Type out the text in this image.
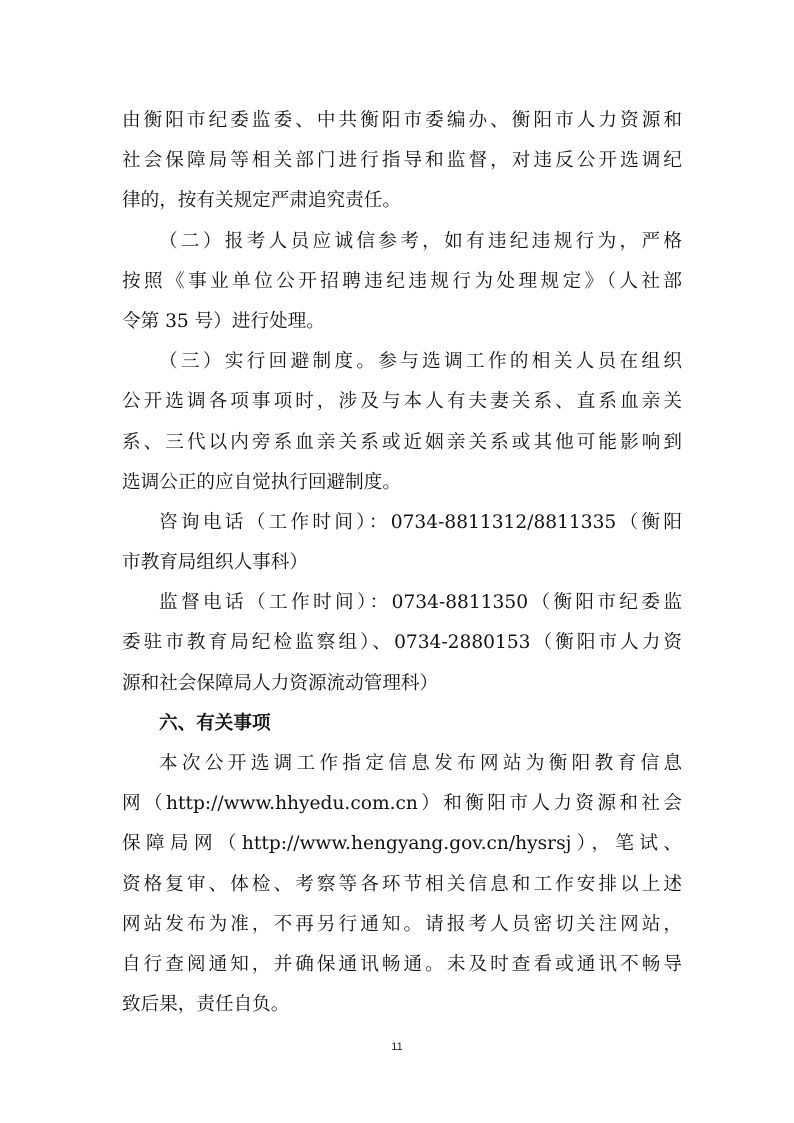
由衡阳市纪委监委、中共衡阳市委编办、衡阳市人力资源和
社会保障局等相关部门进行指导和监督，对违反公开选调纪
律的，按有关规定严肃追究责任。
（二）报考人员应诚信参考，如有违纪违规行为，严格
按照《事业单位公开招聘违纪违规行为处理规定》（人社部
令第 35 号）进行处理。
（三）实行回避制度。参与选调工作的相关人员在组织
公开选调各项事项时，涉及与本人有夫妻关系、直系血亲关
系、三代以内旁系血亲关系或近姻亲关系或其他可能影响到
选调公正的应自觉执行回避制度。
咨询电话（工作时间）：0734-8811312/8811335（衡阳
市教育局组织人事科）
监督电话（工作时间）：0734-8811350（衡阳市纪委监
委驻市教育局纪检监察组）、0734-2880153（衡阳市人力资
源和社会保障局人力资源流动管理科）
六、有关事项
本次公开选调工作指定信息发布网站为衡阳教育信息
网（http://www.hhyedu.com.cn）和衡阳市人力资源和社会
保障局网（http://www.hengyang.gov.cn/hysrsj），笔试、
资格复审、体检、考察等各环节相关信息和工作安排以上述
网站发布为准，不再另行通知。请报考人员密切关注网站，
自行查阅通知，并确保通讯畅通。未及时查看或通讯不畅导
致后果，责任自负。
11
